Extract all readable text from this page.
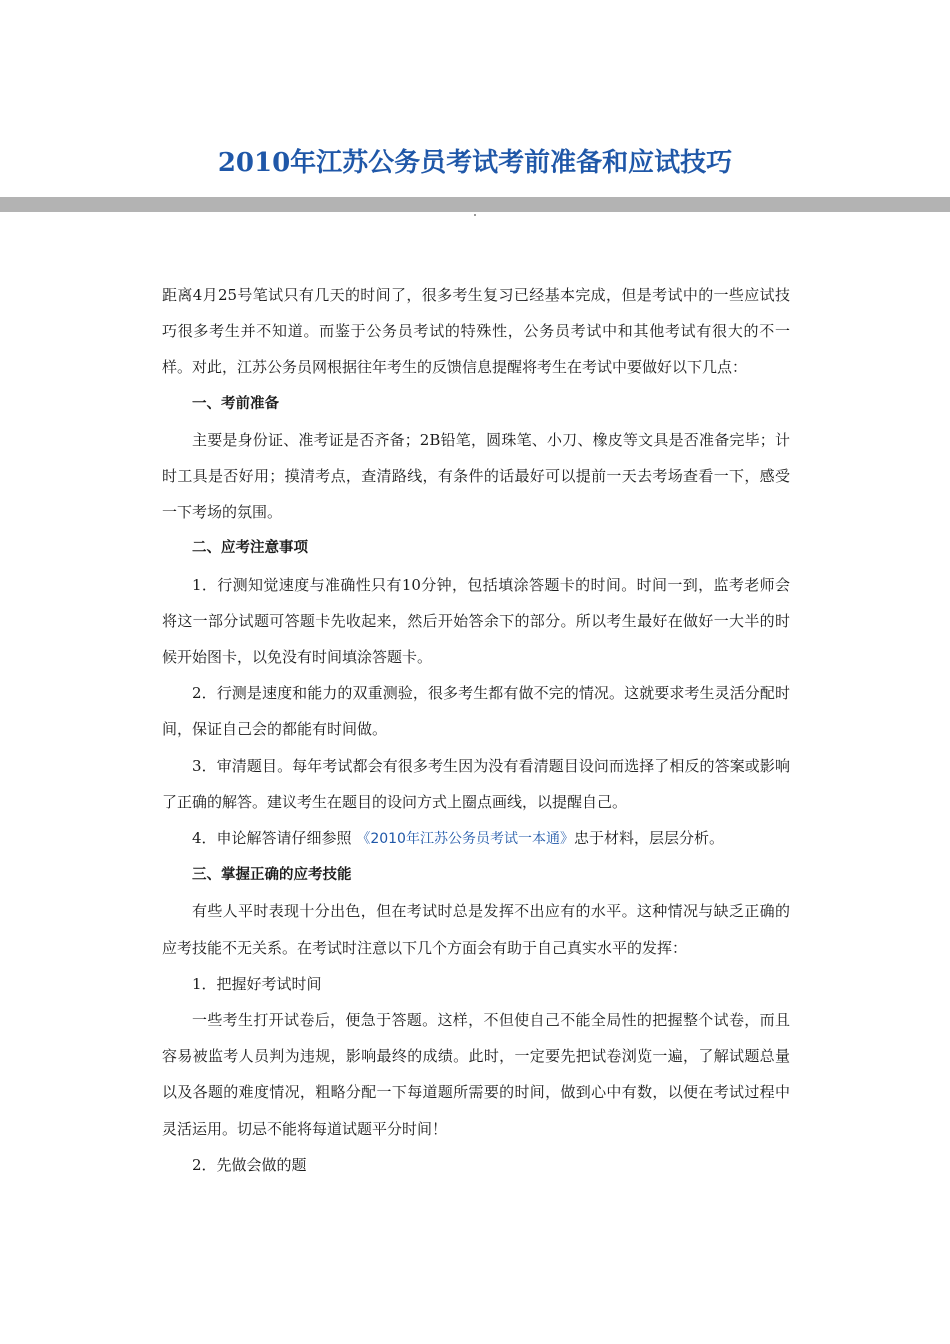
2010年江苏公务员考试考前准备和应试技巧

距离4月25号笔试只有几天的时间了，很多考生复习已经基本完成，但是考试中的一些应试技巧很多考生并不知道。而鉴于公务员考试的特殊性，公务员考试中和其他考试有很大的不一样。对此，江苏公务员网根据往年考生的反馈信息提醒将考生在考试中要做好以下几点：

一、考前准备

主要是身份证、准考证是否齐备；2B铅笔，圆珠笔、小刀、橡皮等文具是否准备完毕；计时工具是否好用；摸清考点，查清路线，有条件的话最好可以提前一天去考场查看一下，感受一下考场的氛围。

二、应考注意事项

1．行测知觉速度与准确性只有10分钟，包括填涂答题卡的时间。时间一到，监考老师会将这一部分试题可答题卡先收起来，然后开始答余下的部分。所以考生最好在做好一大半的时候开始图卡，以免没有时间填涂答题卡。

2．行测是速度和能力的双重测验，很多考生都有做不完的情况。这就要求考生灵活分配时间，保证自己会的都能有时间做。

3．审清题目。每年考试都会有很多考生因为没有看清题目设问而选择了相反的答案或影响了正确的解答。建议考生在题目的设问方式上圈点画线，以提醒自己。

4．申论解答请仔细参照 《2010年江苏公务员考试一本通》忠于材料，层层分析。

三、掌握正确的应考技能

有些人平时表现十分出色，但在考试时总是发挥不出应有的水平。这种情况与缺乏正确的应考技能不无关系。在考试时注意以下几个方面会有助于自己真实水平的发挥：

1．把握好考试时间

一些考生打开试卷后，便急于答题。这样，不但使自己不能全局性的把握整个试卷，而且容易被监考人员判为违规，影响最终的成绩。此时，一定要先把试卷浏览一遍，了解试题总量以及各题的难度情况，粗略分配一下每道题所需要的时间，做到心中有数，以便在考试过程中灵活运用。切忌不能将每道试题平分时间！

2．先做会做的题
